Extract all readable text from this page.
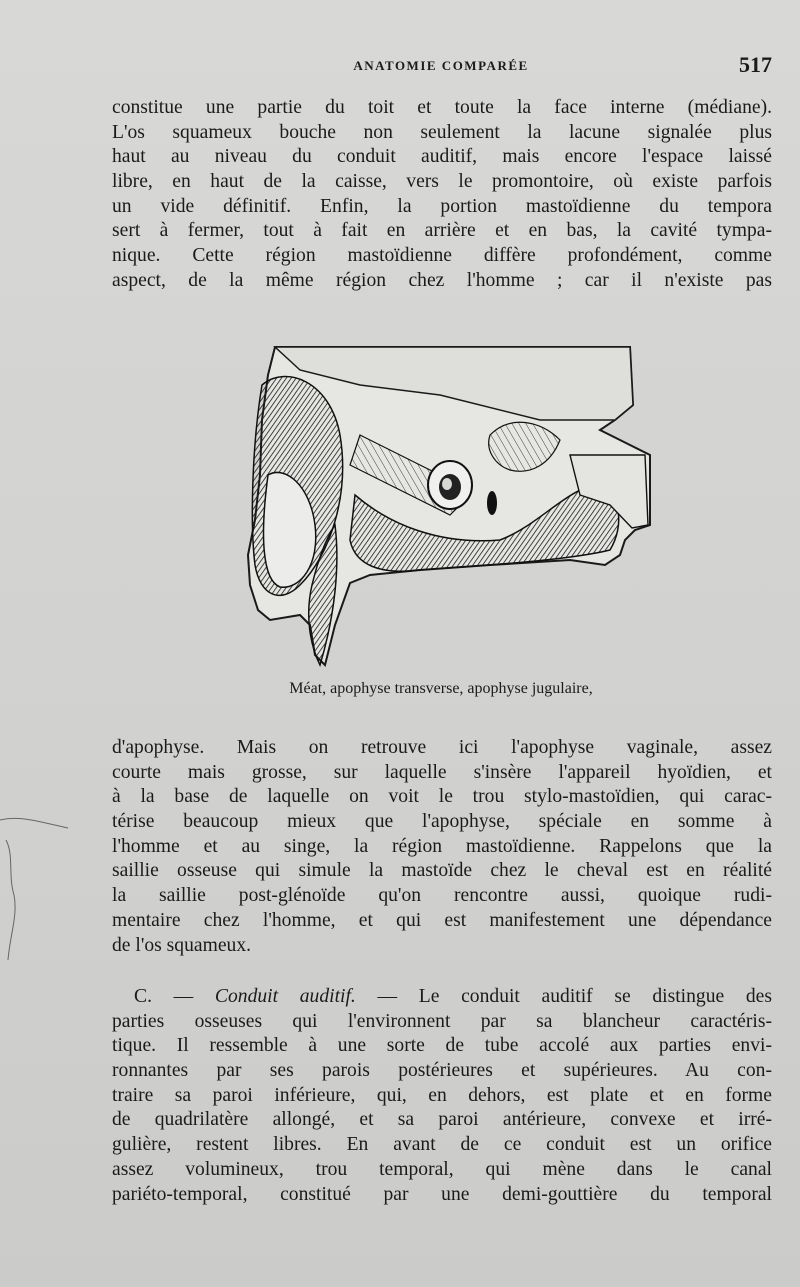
ANATOMIE COMPARÉE	517
constitue une partie du toit et toute la face interne (médiane).
L'os squameux bouche non seulement la lacune signalée plus
haut au niveau du conduit auditif, mais encore l'espace laissé
libre, en haut de la caisse, vers le promontoire, où existe parfois
un vide définitif. Enfin, la portion mastoïdienne du tempora
sert à fermer, tout à fait en arrière et en bas, la cavité tympa-
nique. Cette région mastoïdienne diffère profondément, comme
aspect, de la même région chez l'homme ; car il n'existe pas
Méat, apophyse transverse, apophyse jugulaire,
d'apophyse. Mais on retrouve ici l'apophyse vaginale, assez
courte mais grosse, sur laquelle s'insère l'appareil hyoïdien, et
à la base de laquelle on voit le trou stylo-mastoïdien, qui carac-
térise beaucoup mieux que l'apophyse, spéciale en somme à
l'homme et au singe, la région mastoïdienne. Rappelons que la
saillie osseuse qui simule la mastoïde chez le cheval est en réalité
la saillie post-glénoïde qu'on rencontre aussi, quoique rudi-
mentaire chez l'homme, et qui est manifestement une dépendance
de l'os squameux.
C. — Conduit auditif. — Le conduit auditif se distingue des
parties osseuses qui l'environnent par sa blancheur caractéris-
tique. Il ressemble à une sorte de tube accolé aux parties envi-
ronnantes par ses parois postérieures et supérieures. Au con-
traire sa paroi inférieure, qui, en dehors, est plate et en forme
de quadrilatère allongé, et sa paroi antérieure, convexe et irré-
gulière, restent libres. En avant de ce conduit est un orifice
assez volumineux, trou temporal, qui mène dans le canal
pariéto-temporal, constitué par une demi-gouttière du temporal
